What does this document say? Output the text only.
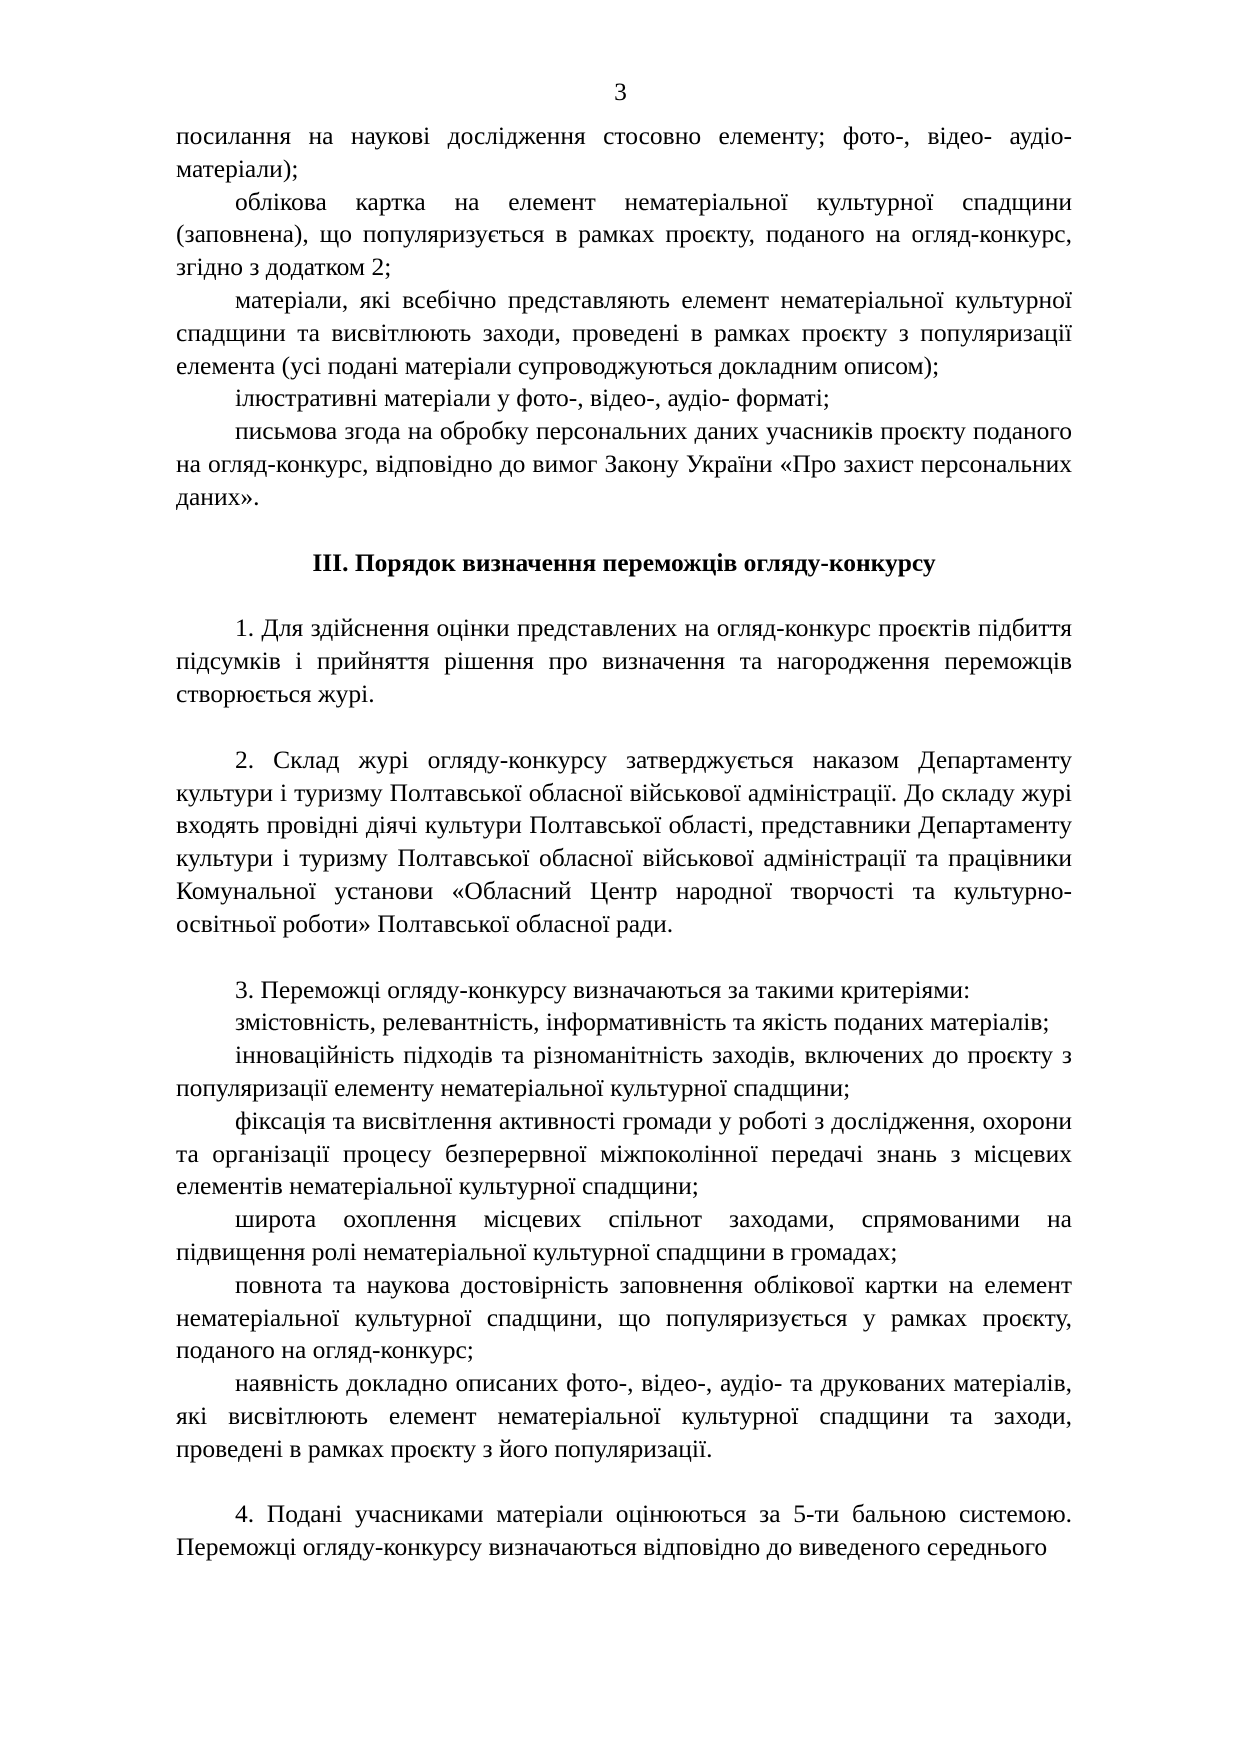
3

посилання на наукові дослідження стосовно елементу; фото-, відео- аудіо-матеріали);

облікова картка на елемент нематеріальної культурної спадщини (заповнена), що популяризується в рамках проєкту, поданого на огляд-конкурс, згідно з додатком 2;

матеріали, які всебічно представляють елемент нематеріальної культурної спадщини та висвітлюють заходи, проведені в рамках проєкту з популяризації елемента (усі подані матеріали супроводжуються докладним описом);

ілюстративні матеріали у фото-, відео-, аудіо- форматі;

письмова згода на обробку персональних даних учасників проєкту поданого на огляд-конкурс, відповідно до вимог Закону України «Про захист персональних даних».

ІІІ. Порядок визначення переможців огляду-конкурсу

1. Для здійснення оцінки представлених на огляд-конкурс проєктів підбиття підсумків і прийняття рішення про визначення та нагородження переможців створюється журі.

2. Склад журі огляду-конкурсу затверджується наказом Департаменту культури і туризму Полтавської обласної військової адміністрації. До складу журі входять провідні діячі культури Полтавської області, представники Департаменту культури і туризму Полтавської обласної військової адміністрації та працівники Комунальної установи «Обласний Центр народної творчості та культурно-освітньої роботи» Полтавської обласної ради.

3. Переможці огляду-конкурсу визначаються за такими критеріями:

змістовність, релевантність, інформативність та якість поданих матеріалів;

інноваційність підходів та різноманітність заходів, включених до проєкту з популяризації елементу нематеріальної культурної спадщини;

фіксація та висвітлення активності громади у роботі з дослідження, охорони та організації процесу безперервної міжпоколінної передачі знань з місцевих елементів нематеріальної культурної спадщини;

широта охоплення місцевих спільнот заходами, спрямованими на підвищення ролі нематеріальної культурної спадщини в громадах;

повнота та наукова достовірність заповнення облікової картки на елемент нематеріальної культурної спадщини, що популяризується у рамках проєкту, поданого на огляд-конкурс;

наявність докладно описаних фото-, відео-, аудіо- та друкованих матеріалів, які висвітлюють елемент нематеріальної культурної спадщини та заходи, проведені в рамках проєкту з його популяризації.

4. Подані учасниками матеріали оцінюються за 5-ти бальною системою. Переможці огляду-конкурсу визначаються відповідно до виведеного середнього
